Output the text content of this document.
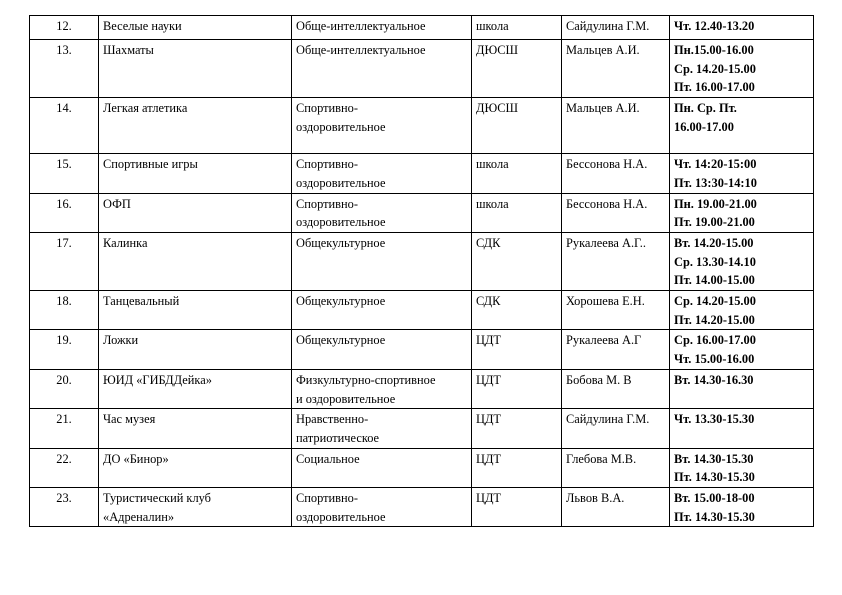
12.	Веселые науки	Обще-интеллектуальное	школа	Сайдулина Г.М.	Чт. 12.40-13.20

13.	Шахматы	Обще-интеллектуальное	ДЮСШ	Мальцев А.И.	Пн.15.00-16.00
Ср. 14.20-15.00
Пт. 16.00-17.00

14.	Легкая атлетика	Спортивно-
оздоровительное	ДЮСШ	Мальцев А.И.	Пн. Ср. Пт.
16.00-17.00

15.	Спортивные игры	Спортивно-
оздоровительное	школа	Бессонова Н.А.	Чт. 14:20-15:00
Пт. 13:30-14:10

16.	ОФП	Спортивно-
оздоровительное	школа	Бессонова Н.А.	Пн. 19.00-21.00
Пт. 19.00-21.00

17.	Калинка	Общекультурное	СДК	Рукалеева А.Г..	Вт. 14.20-15.00
Ср. 13.30-14.10
Пт. 14.00-15.00

18.	Танцевальный	Общекультурное	СДК	Хорошева Е.Н.	Ср. 14.20-15.00
Пт. 14.20-15.00

19.	Ложки	Общекультурное	ЦДТ	Рукалеева А.Г	Ср. 16.00-17.00
Чт. 15.00-16.00

20.	ЮИД «ГИБДДейка»	Физкультурно-спортивное
и оздоровительное	ЦДТ	Бобова М. В	Вт. 14.30-16.30

21.	Час музея	Нравственно-
патриотическое	ЦДТ	Сайдулина Г.М.	Чт. 13.30-15.30

22.	ДО «Бинор»	Социальное	ЦДТ	Глебова М.В.	Вт. 14.30-15.30
Пт. 14.30-15.30

23.	Туристический клуб
«Адреналин»	Спортивно-
оздоровительное	ЦДТ	Львов В.А.	Вт. 15.00-18-00
Пт. 14.30-15.30
